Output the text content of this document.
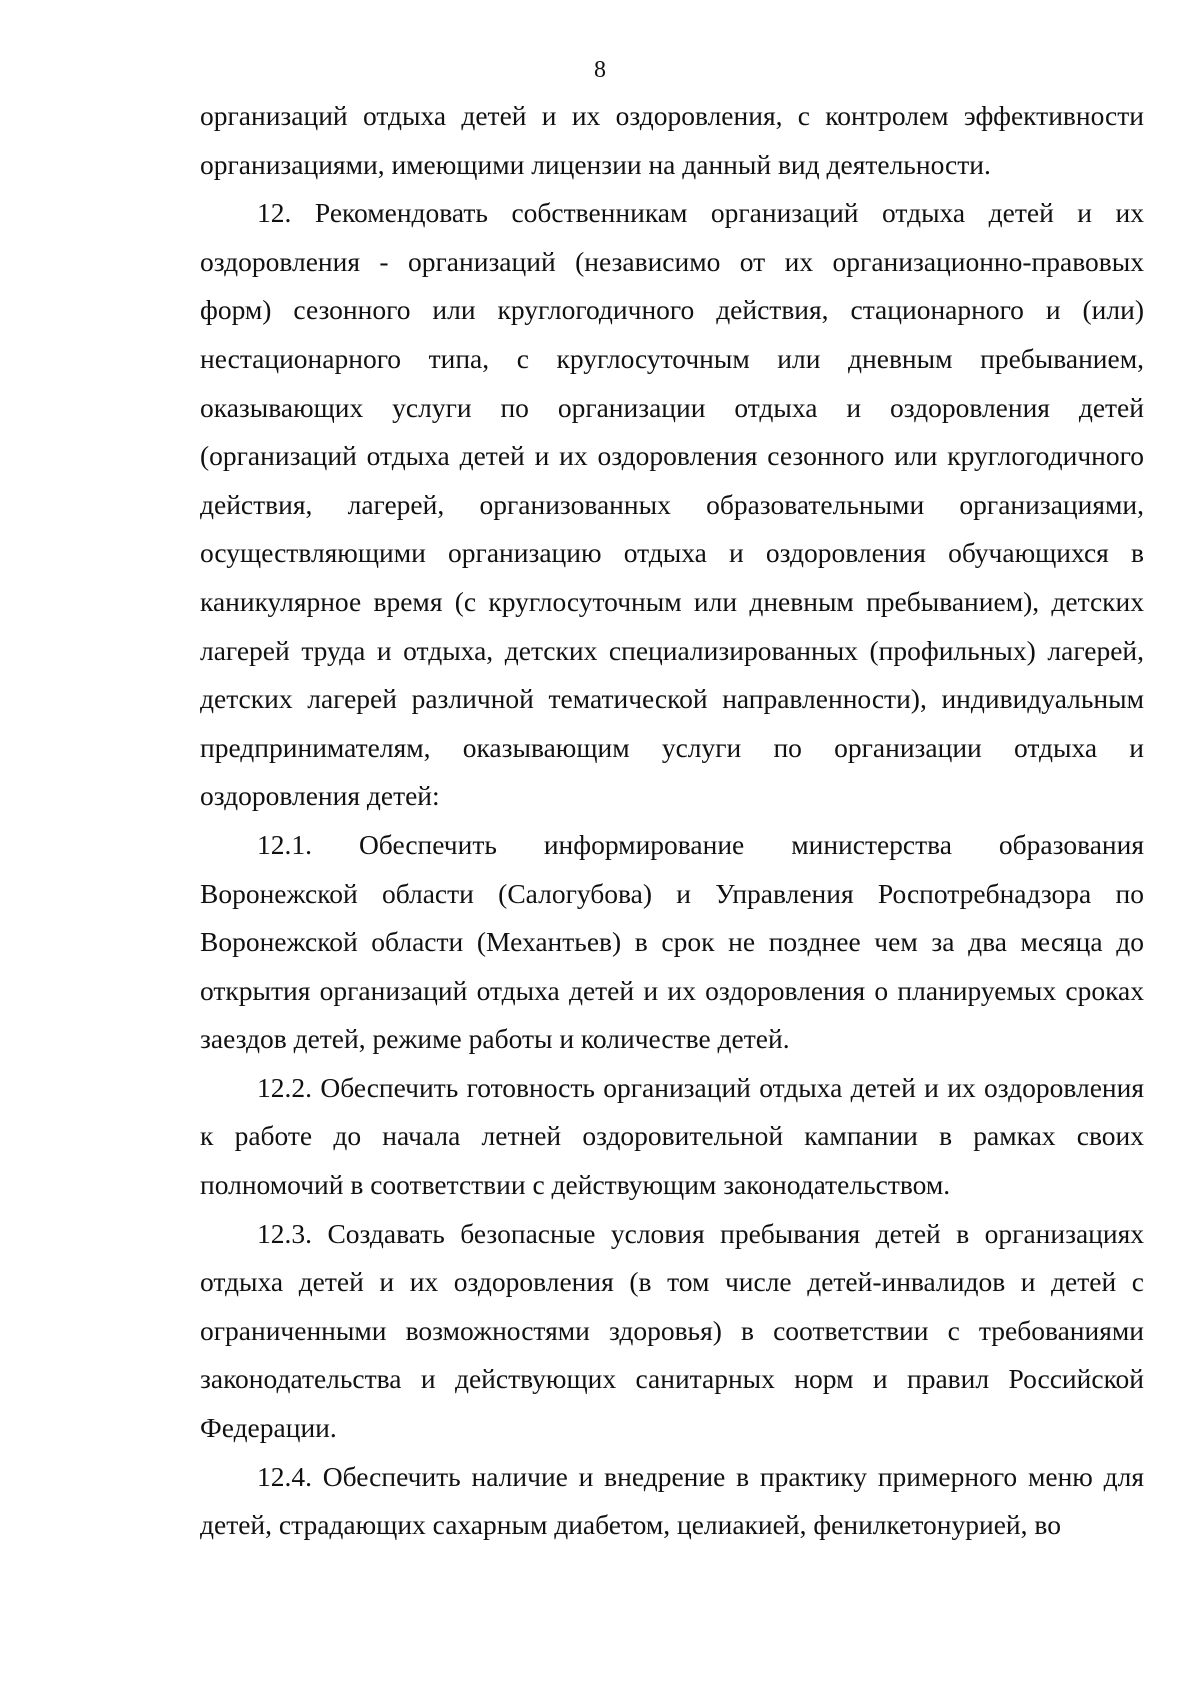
8

организаций отдыха детей и их оздоровления, с контролем эффективности организациями, имеющими лицензии на данный вид деятельности.

12. Рекомендовать собственникам организаций отдыха детей и их оздоровления - организаций (независимо от их организационно-правовых форм) сезонного или круглогодичного действия, стационарного и (или) нестационарного типа, с круглосуточным или дневным пребыванием, оказывающих услуги по организации отдыха и оздоровления детей (организаций отдыха детей и их оздоровления сезонного или круглогодичного действия, лагерей, организованных образовательными организациями, осуществляющими организацию отдыха и оздоровления обучающихся в каникулярное время (с круглосуточным или дневным пребыванием), детских лагерей труда и отдыха, детских специализированных (профильных) лагерей, детских лагерей различной тематической направленности), индивидуальным предпринимателям, оказывающим услуги по организации отдыха и оздоровления детей:

12.1. Обеспечить информирование министерства образования Воронежской области (Салогубова) и Управления Роспотребнадзора по Воронежской области (Механтьев) в срок не позднее чем за два месяца до открытия организаций отдыха детей и их оздоровления о планируемых сроках заездов детей, режиме работы и количестве детей.

12.2. Обеспечить готовность организаций отдыха детей и их оздоровления к работе до начала летней оздоровительной кампании в рамках своих полномочий в соответствии с действующим законодательством.

12.3. Создавать безопасные условия пребывания детей в организациях отдыха детей и их оздоровления (в том числе детей-инвалидов и детей с ограниченными возможностями здоровья) в соответствии с требованиями законодательства и действующих санитарных норм и правил Российской Федерации.

12.4. Обеспечить наличие и внедрение в практику примерного меню для детей, страдающих сахарным диабетом, целиакией, фенилкетонурией, во
